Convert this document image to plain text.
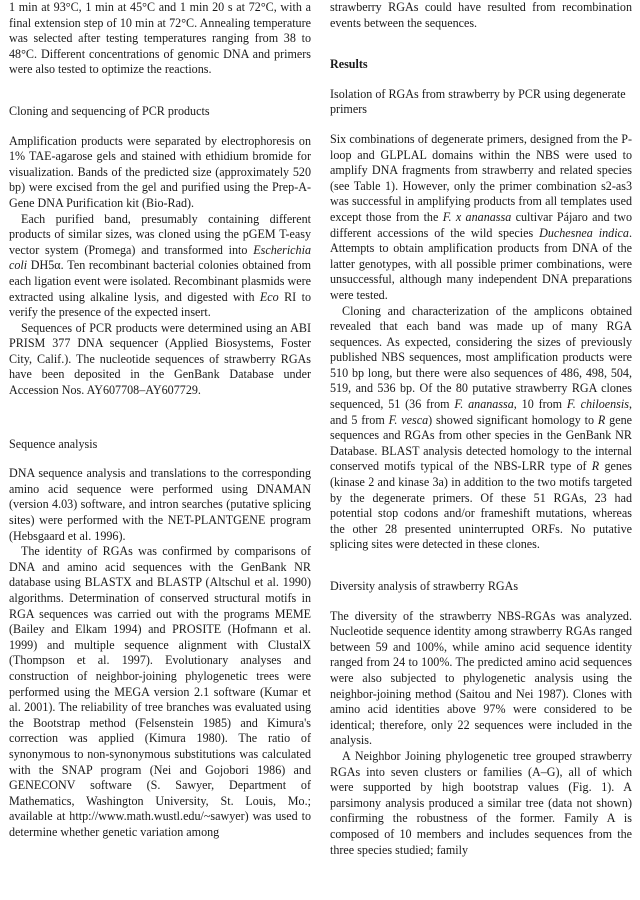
1 min at 93°C, 1 min at 45°C and 1 min 20 s at 72°C, with a final extension step of 10 min at 72°C. Annealing temperature was selected after testing temperatures ranging from 38 to 48°C. Different concentrations of genomic DNA and primers were also tested to optimize the reactions.

Cloning and sequencing of PCR products

Amplification products were separated by electrophoresis on 1% TAE-agarose gels and stained with ethidium bromide for visualization. Bands of the predicted size (approximately 520 bp) were excised from the gel and purified using the Prep-A-Gene DNA Purification kit (Bio-Rad).

Each purified band, presumably containing different products of similar sizes, was cloned using the pGEM T-easy vector system (Promega) and transformed into Escherichia coli DH5α. Ten recombinant bacterial colonies obtained from each ligation event were isolated. Recombinant plasmids were extracted using alkaline lysis, and digested with Eco RI to verify the presence of the expected insert.

Sequences of PCR products were determined using an ABI PRISM 377 DNA sequencer (Applied Biosystems, Foster City, Calif.). The nucleotide sequences of strawberry RGAs have been deposited in the GenBank Database under Accession Nos. AY607708–AY607729.

Sequence analysis

DNA sequence analysis and translations to the corresponding amino acid sequence were performed using DNAMAN (version 4.03) software, and intron searches (putative splicing sites) were performed with the NET-PLANTGENE program (Hebsgaard et al. 1996).

The identity of RGAs was confirmed by comparisons of DNA and amino acid sequences with the GenBank NR database using BLASTX and BLASTP (Altschul et al. 1990) algorithms. Determination of conserved structural motifs in RGA sequences was carried out with the programs MEME (Bailey and Elkam 1994) and PROSITE (Hofmann et al. 1999) and multiple sequence alignment with ClustalX (Thompson et al. 1997). Evolutionary analyses and construction of neighbor-joining phylogenetic trees were performed using the MEGA version 2.1 software (Kumar et al. 2001). The reliability of tree branches was evaluated using the Bootstrap method (Felsenstein 1985) and Kimura's correction was applied (Kimura 1980). The ratio of synonymous to non-synonymous substitutions was calculated with the SNAP program (Nei and Gojobori 1986) and GENECONV software (S. Sawyer, Department of Mathematics, Washington University, St. Louis, Mo.; available at http://www.math.wustl.edu/~sawyer) was used to determine whether genetic variation among

strawberry RGAs could have resulted from recombination events between the sequences.

Results
Isolation of RGAs from strawberry by PCR using degenerate primers

Six combinations of degenerate primers, designed from the P-loop and GLPLAL domains within the NBS were used to amplify DNA fragments from strawberry and related species (see Table 1). However, only the primer combination s2-as3 was successful in amplifying products from all templates used except those from the F. x ananassa cultivar Pájaro and two different accessions of the wild species Duchesnea indica. Attempts to obtain amplification products from DNA of the latter genotypes, with all possible primer combinations, were unsuccessful, although many independent DNA preparations were tested.

Cloning and characterization of the amplicons obtained revealed that each band was made up of many RGA sequences. As expected, considering the sizes of previously published NBS sequences, most amplification products were 510 bp long, but there were also sequences of 486, 498, 504, 519, and 536 bp. Of the 80 putative strawberry RGA clones sequenced, 51 (36 from F. ananassa, 10 from F. chiloensis, and 5 from F. vesca) showed significant homology to R gene sequences and RGAs from other species in the GenBank NR Database. BLAST analysis detected homology to the internal conserved motifs typical of the NBS-LRR type of R genes (kinase 2 and kinase 3a) in addition to the two motifs targeted by the degenerate primers. Of these 51 RGAs, 23 had potential stop codons and/or frameshift mutations, whereas the other 28 presented uninterrupted ORFs. No putative splicing sites were detected in these clones.

Diversity analysis of strawberry RGAs

The diversity of the strawberry NBS-RGAs was analyzed. Nucleotide sequence identity among strawberry RGAs ranged between 59 and 100%, while amino acid sequence identity ranged from 24 to 100%. The predicted amino acid sequences were also subjected to phylogenetic analysis using the neighbor-joining method (Saitou and Nei 1987). Clones with amino acid identities above 97% were considered to be identical; therefore, only 22 sequences were included in the analysis.

A Neighbor Joining phylogenetic tree grouped strawberry RGAs into seven clusters or families (A–G), all of which were supported by high bootstrap values (Fig. 1). A parsimony analysis produced a similar tree (data not shown) confirming the robustness of the former. Family A is composed of 10 members and includes sequences from the three species studied; family
